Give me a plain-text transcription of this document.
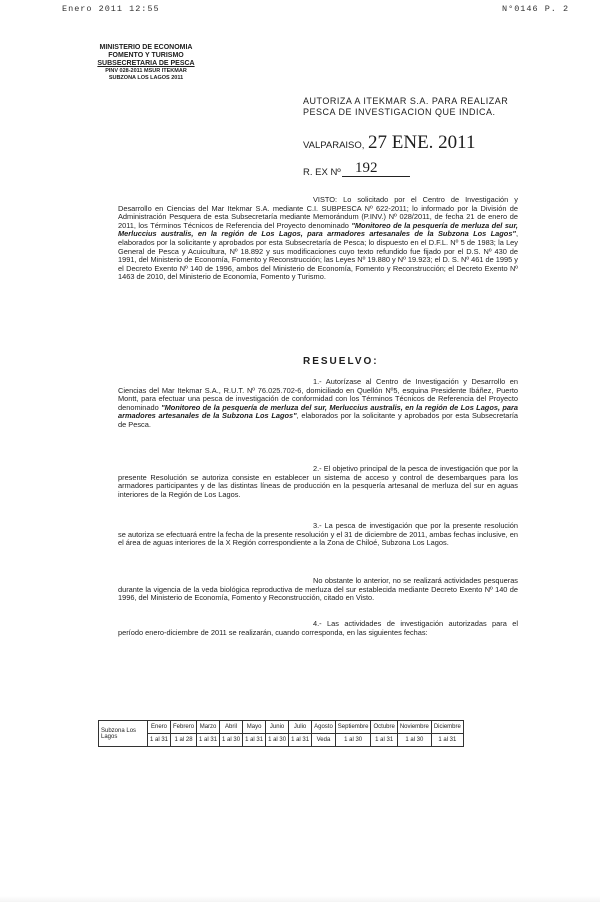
Enero 2011 12:55	N°0146 P. 2
MINISTERIO DE ECONOMIA
FOMENTO Y TURISMO
SUBSECRETARIA DE PESCA
PINV 028-2011 MSUR ITEKMAR
SUBZONA LOS LAGOS 2011
AUTORIZA A ITEKMAR S.A. PARA REALIZAR PESCA DE INVESTIGACION QUE INDICA.
VALPARAISO, 27 ENE. 2011
R. EX Nº 192
VISTO: Lo solicitado por el Centro de Investigación y Desarrollo en Ciencias del Mar Itekmar S.A. mediante C.I. SUBPESCA Nº 622-2011; lo informado por la División de Administración Pesquera de esta Subsecretaría mediante Memorándum (P.INV.) Nº 028/2011, de fecha 21 de enero de 2011, los Términos Técnicos de Referencia del Proyecto denominado "Monitoreo de la pesquería de merluza del sur, Merluccius australis, en la región de Los Lagos, para armadores artesanales de la Subzona Los Lagos", elaborados por la solicitante y aprobados por esta Subsecretaría de Pesca; lo dispuesto en el D.F.L. Nº 5 de 1983; la Ley General de Pesca y Acuicultura, Nº 18.892 y sus modificaciones cuyo texto refundido fue fijado por el D.S. Nº 430 de 1991, del Ministerio de Economía, Fomento y Reconstrucción; las Leyes Nº 19.880 y Nº 19.923; el D. S. Nº 461 de 1995 y el Decreto Exento Nº 140 de 1996, ambos del Ministerio de Economía, Fomento y Reconstrucción; el Decreto Exento Nº 1463 de 2010, del Ministerio de Economía, Fomento y Turismo.
RESUELVO:
1.- Autorízase al Centro de Investigación y Desarrollo en Ciencias del Mar Itekmar S.A., R.U.T. Nº 76.025.702-6, domiciliado en Quellón Nº5, esquina Presidente Ibáñez, Puerto Montt, para efectuar una pesca de investigación de conformidad con los Términos Técnicos de Referencia del Proyecto denominado "Monitoreo de la pesquería de merluza del sur, Merluccius australis, en la región de Los Lagos, para armadores artesanales de la Subzona Los Lagos", elaborados por la solicitante y aprobados por esta Subsecretaría de Pesca.
2.- El objetivo principal de la pesca de investigación que por la presente Resolución se autoriza consiste en establecer un sistema de acceso y control de desembarques para los armadores participantes y de las distintas líneas de producción en la pesquería artesanal de merluza del sur en aguas interiores de la Región de Los Lagos.
3.- La pesca de investigación que por la presente resolución se autoriza se efectuará entre la fecha de la presente resolución y el 31 de diciembre de 2011, ambas fechas inclusive, en el área de aguas interiores de la X Región correspondiente a la Zona de Chiloé, Subzona Los Lagos.
No obstante lo anterior, no se realizará actividades pesqueras durante la vigencia de la veda biológica reproductiva de merluza del sur establecida mediante Decreto Exento Nº 140 de 1996, del Ministerio de Economía, Fomento y Reconstrucción, citado en Visto.
4.- Las actividades de investigación autorizadas para el período enero-diciembre de 2011 se realizarán, cuando corresponda, en las siguientes fechas:
Subzona Los Lagos	Enero	Febrero	Marzo	Abril	Mayo	Junio	Julio	Agosto	Septiembre	Octubre	Noviembre	Diciembre
	1 al 31	1 al 28	1 al 31	1 al 30	1 al 31	1 al 30	1 al 31	Veda	1 al 30	1 al 31	1 al 30	1 al 31
